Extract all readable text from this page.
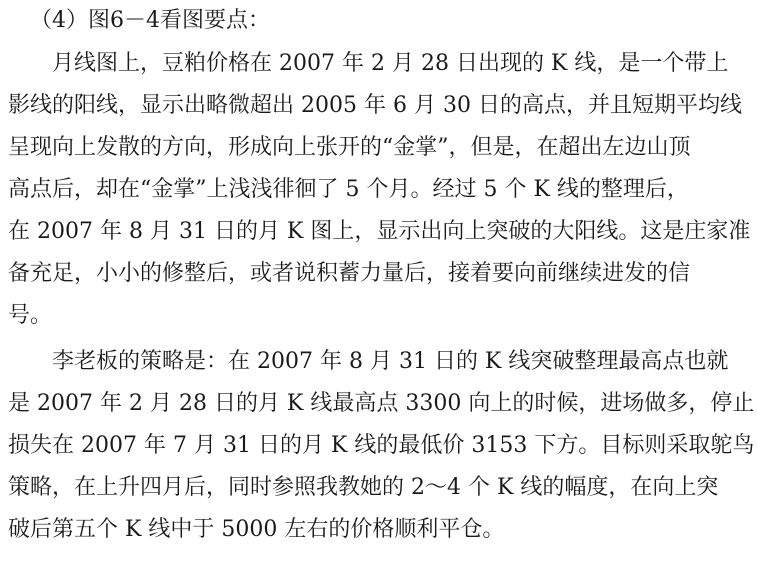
（4）图6－4看图要点：
月线图上，豆粕价格在 2007 年 2 月 28 日出现的 K 线，是一个带上
影线的阳线，显示出略微超出 2005 年 6 月 30 日的高点，并且短期平均线
呈现向上发散的方向，形成向上张开的“金掌”，但是，在超出左边山顶
高点后，却在“金掌”上浅浅徘徊了 5 个月。经过 5 个 K 线的整理后，
在 2007 年 8 月 31 日的月 K 图上，显示出向上突破的大阳线。这是庄家准
备充足，小小的修整后，或者说积蓄力量后，接着要向前继续进发的信
号。
李老板的策略是：在 2007 年 8 月 31 日的 K 线突破整理最高点也就
是 2007 年 2 月 28 日的月 K 线最高点 3300 向上的时候，进场做多，停止
损失在 2007 年 7 月 31 日的月 K 线的最低价 3153 下方。目标则采取鸵鸟
策略，在上升四月后，同时参照我教她的 2～4 个 K 线的幅度，在向上突
破后第五个 K 线中于 5000 左右的价格顺利平仓。
